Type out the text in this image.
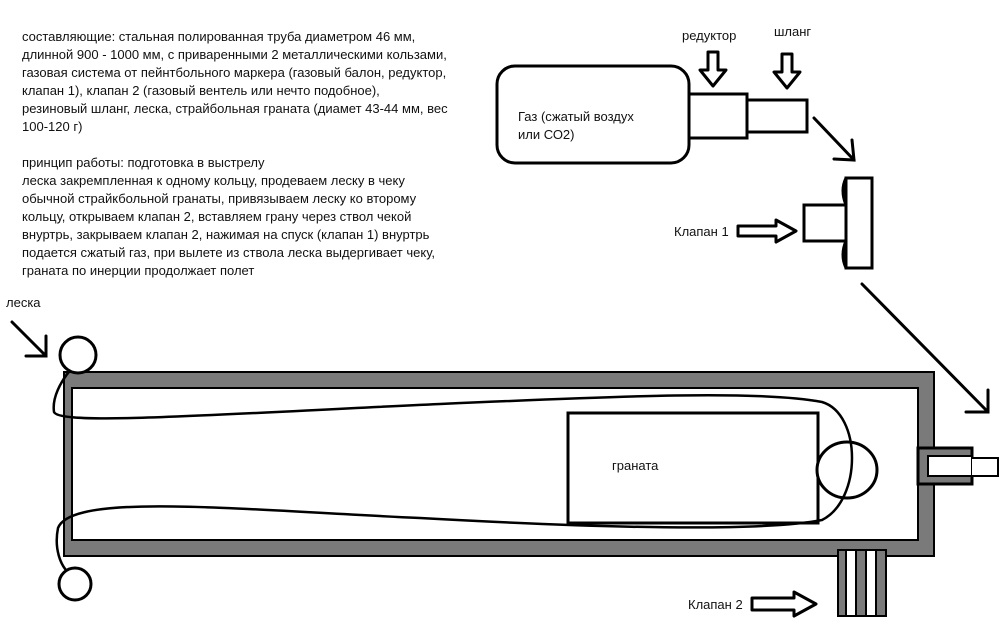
составляющие: стальная полированная труба диаметром 46 мм,
длинной 900 - 1000 мм, с приваренными 2 металлическими кользами,
газовая система от пейнтбольного маркера (газовый балон, редуктор,
клапан 1), клапан 2 (газовый вентель или нечто подобное),
резиновый шланг, леска, страйбольная граната (диамет 43-44 мм, вес
100-120 г)

принцип работы: подготовка в выстрелу
леска закремпленная к одному кольцу, продеваем леску в чеку
обычной страйкбольной гранаты, привязываем леску ко второму
кольцу, открываем клапан 2, вставляем грану через ствол чекой
внуртрь, закрываем клапан 2, нажимая на спуск (клапан 1) внуртрь
подается сжатый газ, при вылете из ствола леска выдергивает чеку,
граната по инерции продолжает полет

редуктор	шланг
Газ (сжатый воздух
или СО2)
Клапан 1
Клапан 2
леска
граната
